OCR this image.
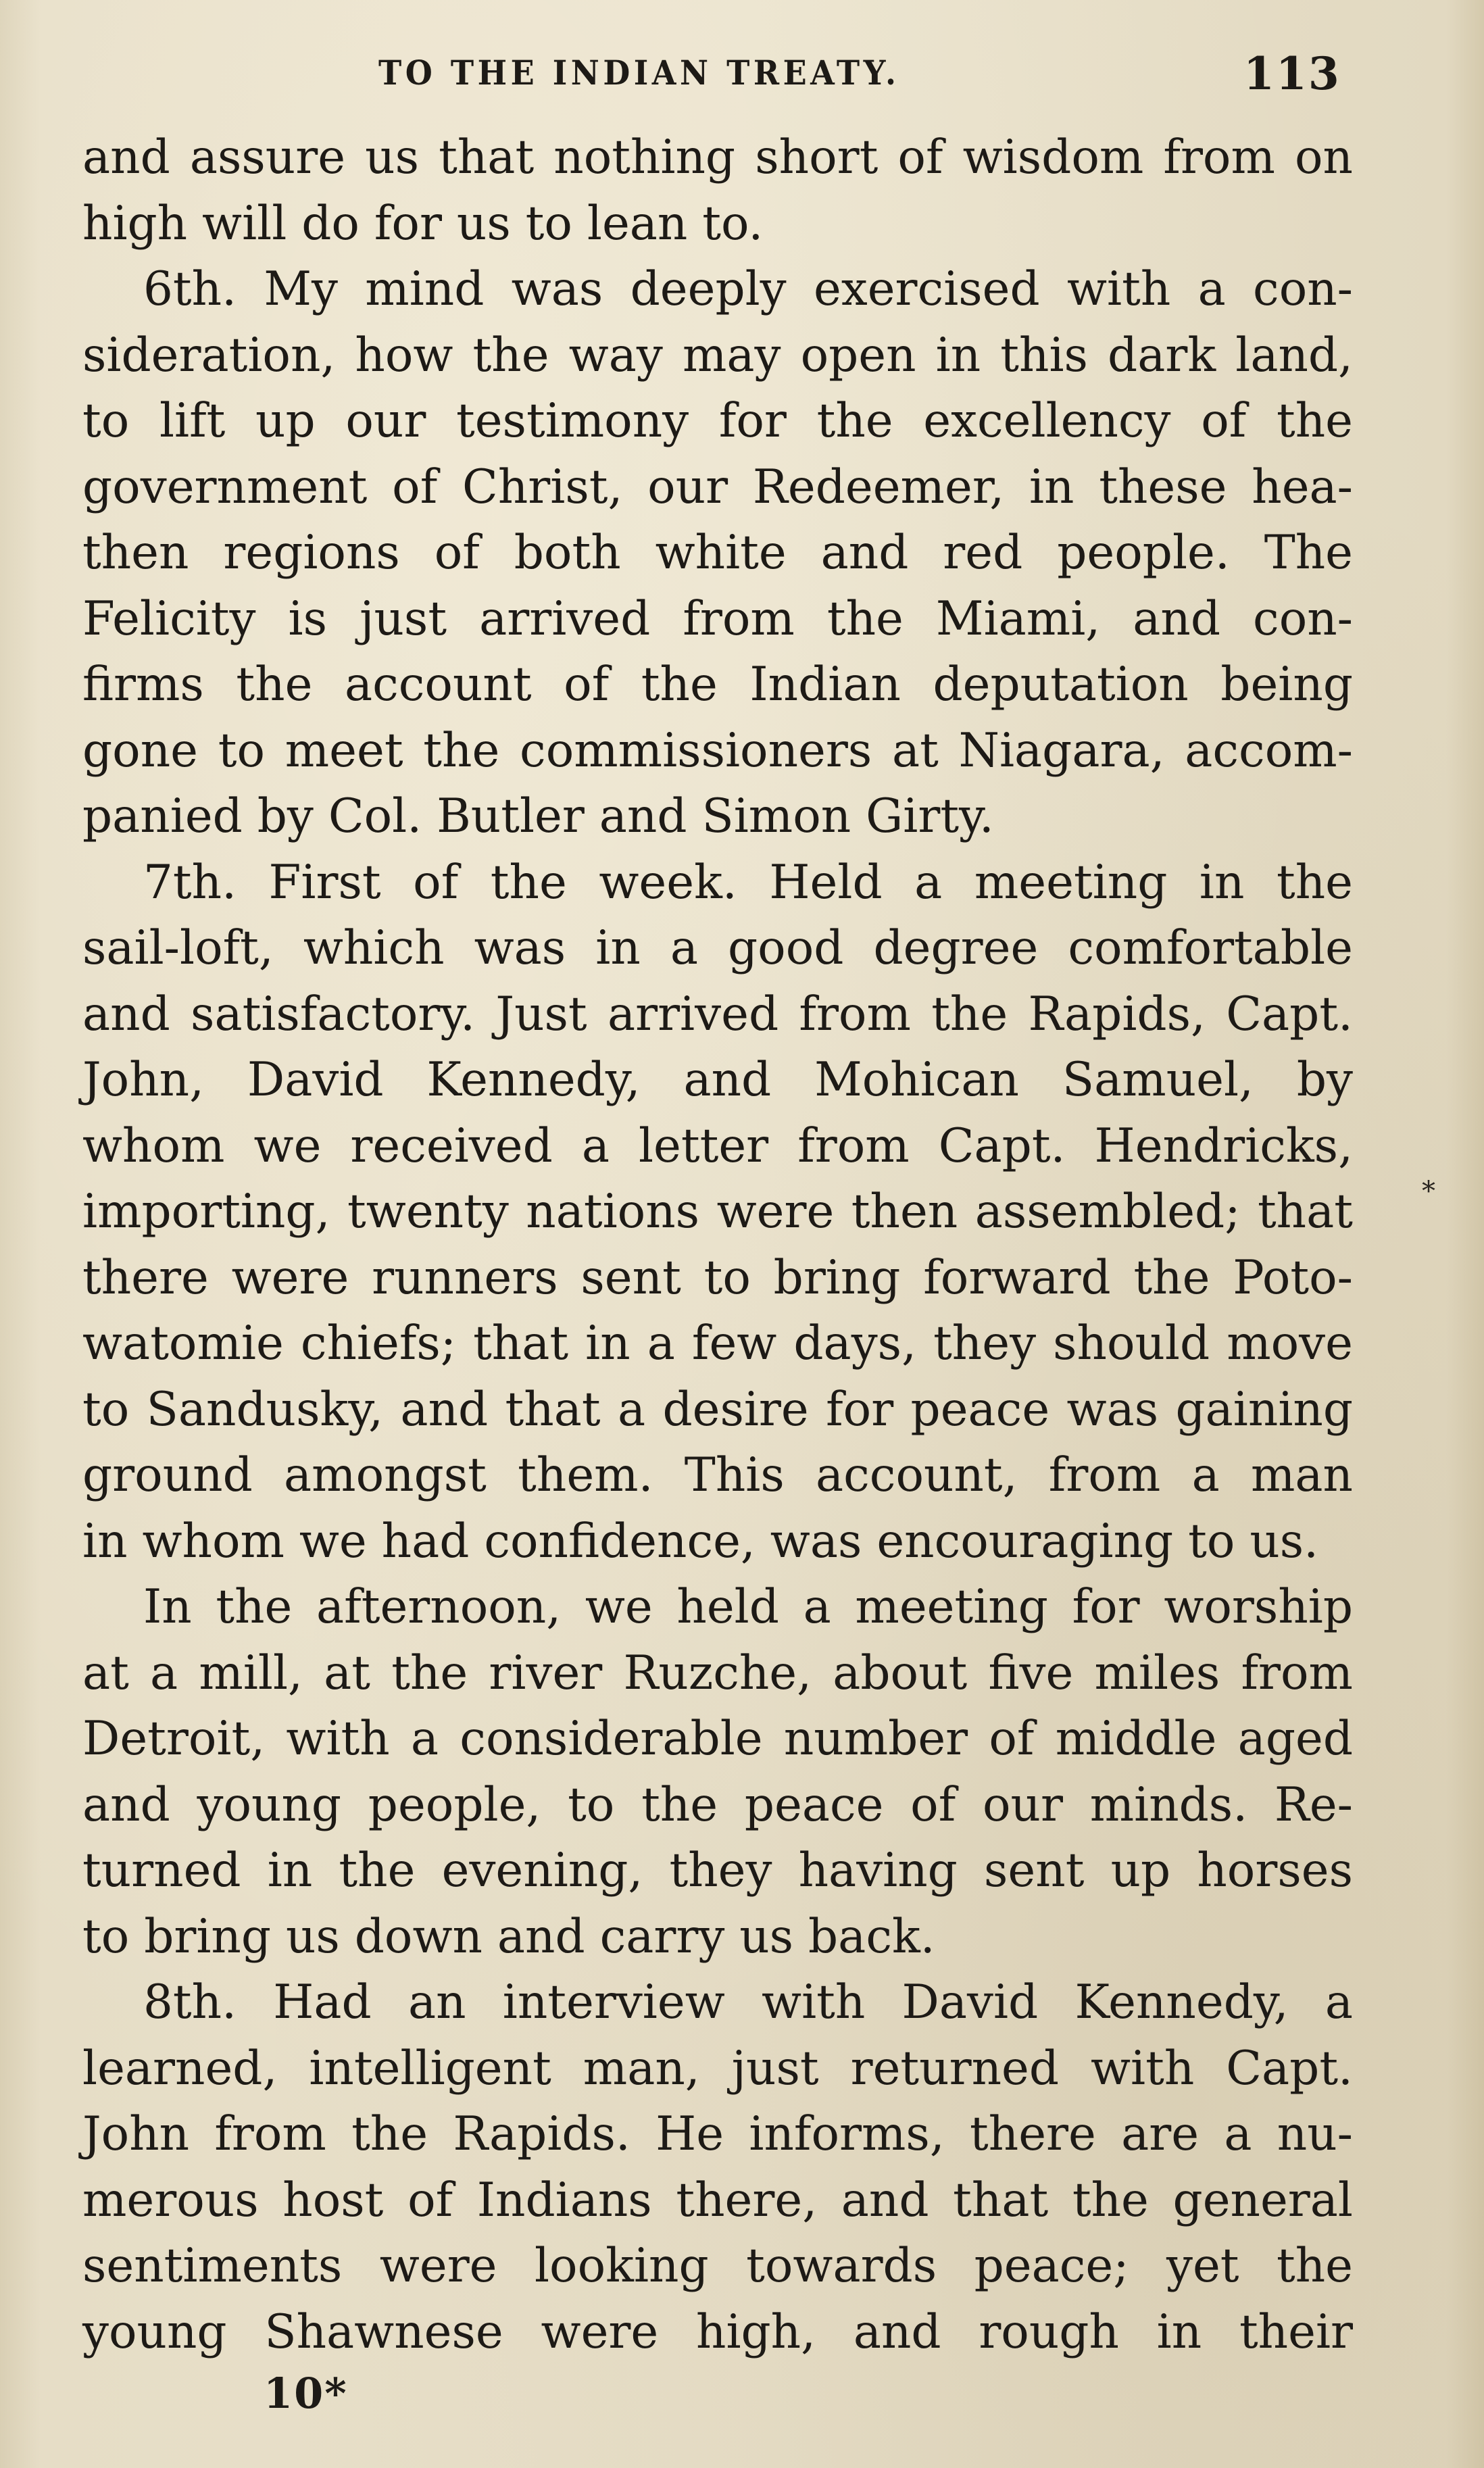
TO THE INDIAN TREATY.	113
and assure us that nothing short of wisdom from on
high will do for us to lean to.
6th. My mind was deeply exercised with a con-
sideration, how the way may open in this dark land,
to lift up our testimony for the excellency of the
government of Christ, our Redeemer, in these hea-
then regions of both white and red people. The
Felicity is just arrived from the Miami, and con-
firms the account of the Indian deputation being
gone to meet the commissioners at Niagara, accom-
panied by Col. Butler and Simon Girty.
7th. First of the week. Held a meeting in the
sail-loft, which was in a good degree comfortable
and satisfactory. Just arrived from the Rapids, Capt.
John, David Kennedy, and Mohican Samuel, by
whom we received a letter from Capt. Hendricks,
importing, twenty nations were then assembled; that
there were runners sent to bring forward the Poto-
watomie chiefs; that in a few days, they should move
to Sandusky, and that a desire for peace was gaining
ground amongst them. This account, from a man
in whom we had confidence, was encouraging to us.
In the afternoon, we held a meeting for worship
at a mill, at the river Ruzche, about five miles from
Detroit, with a considerable number of middle aged
and young people, to the peace of our minds. Re-
turned in the evening, they having sent up horses
to bring us down and carry us back.
8th. Had an interview with David Kennedy, a
learned, intelligent man, just returned with Capt.
John from the Rapids. He informs, there are a nu-
merous host of Indians there, and that the general
sentiments were looking towards peace; yet the
young Shawnese were high, and rough in their
*
10*
